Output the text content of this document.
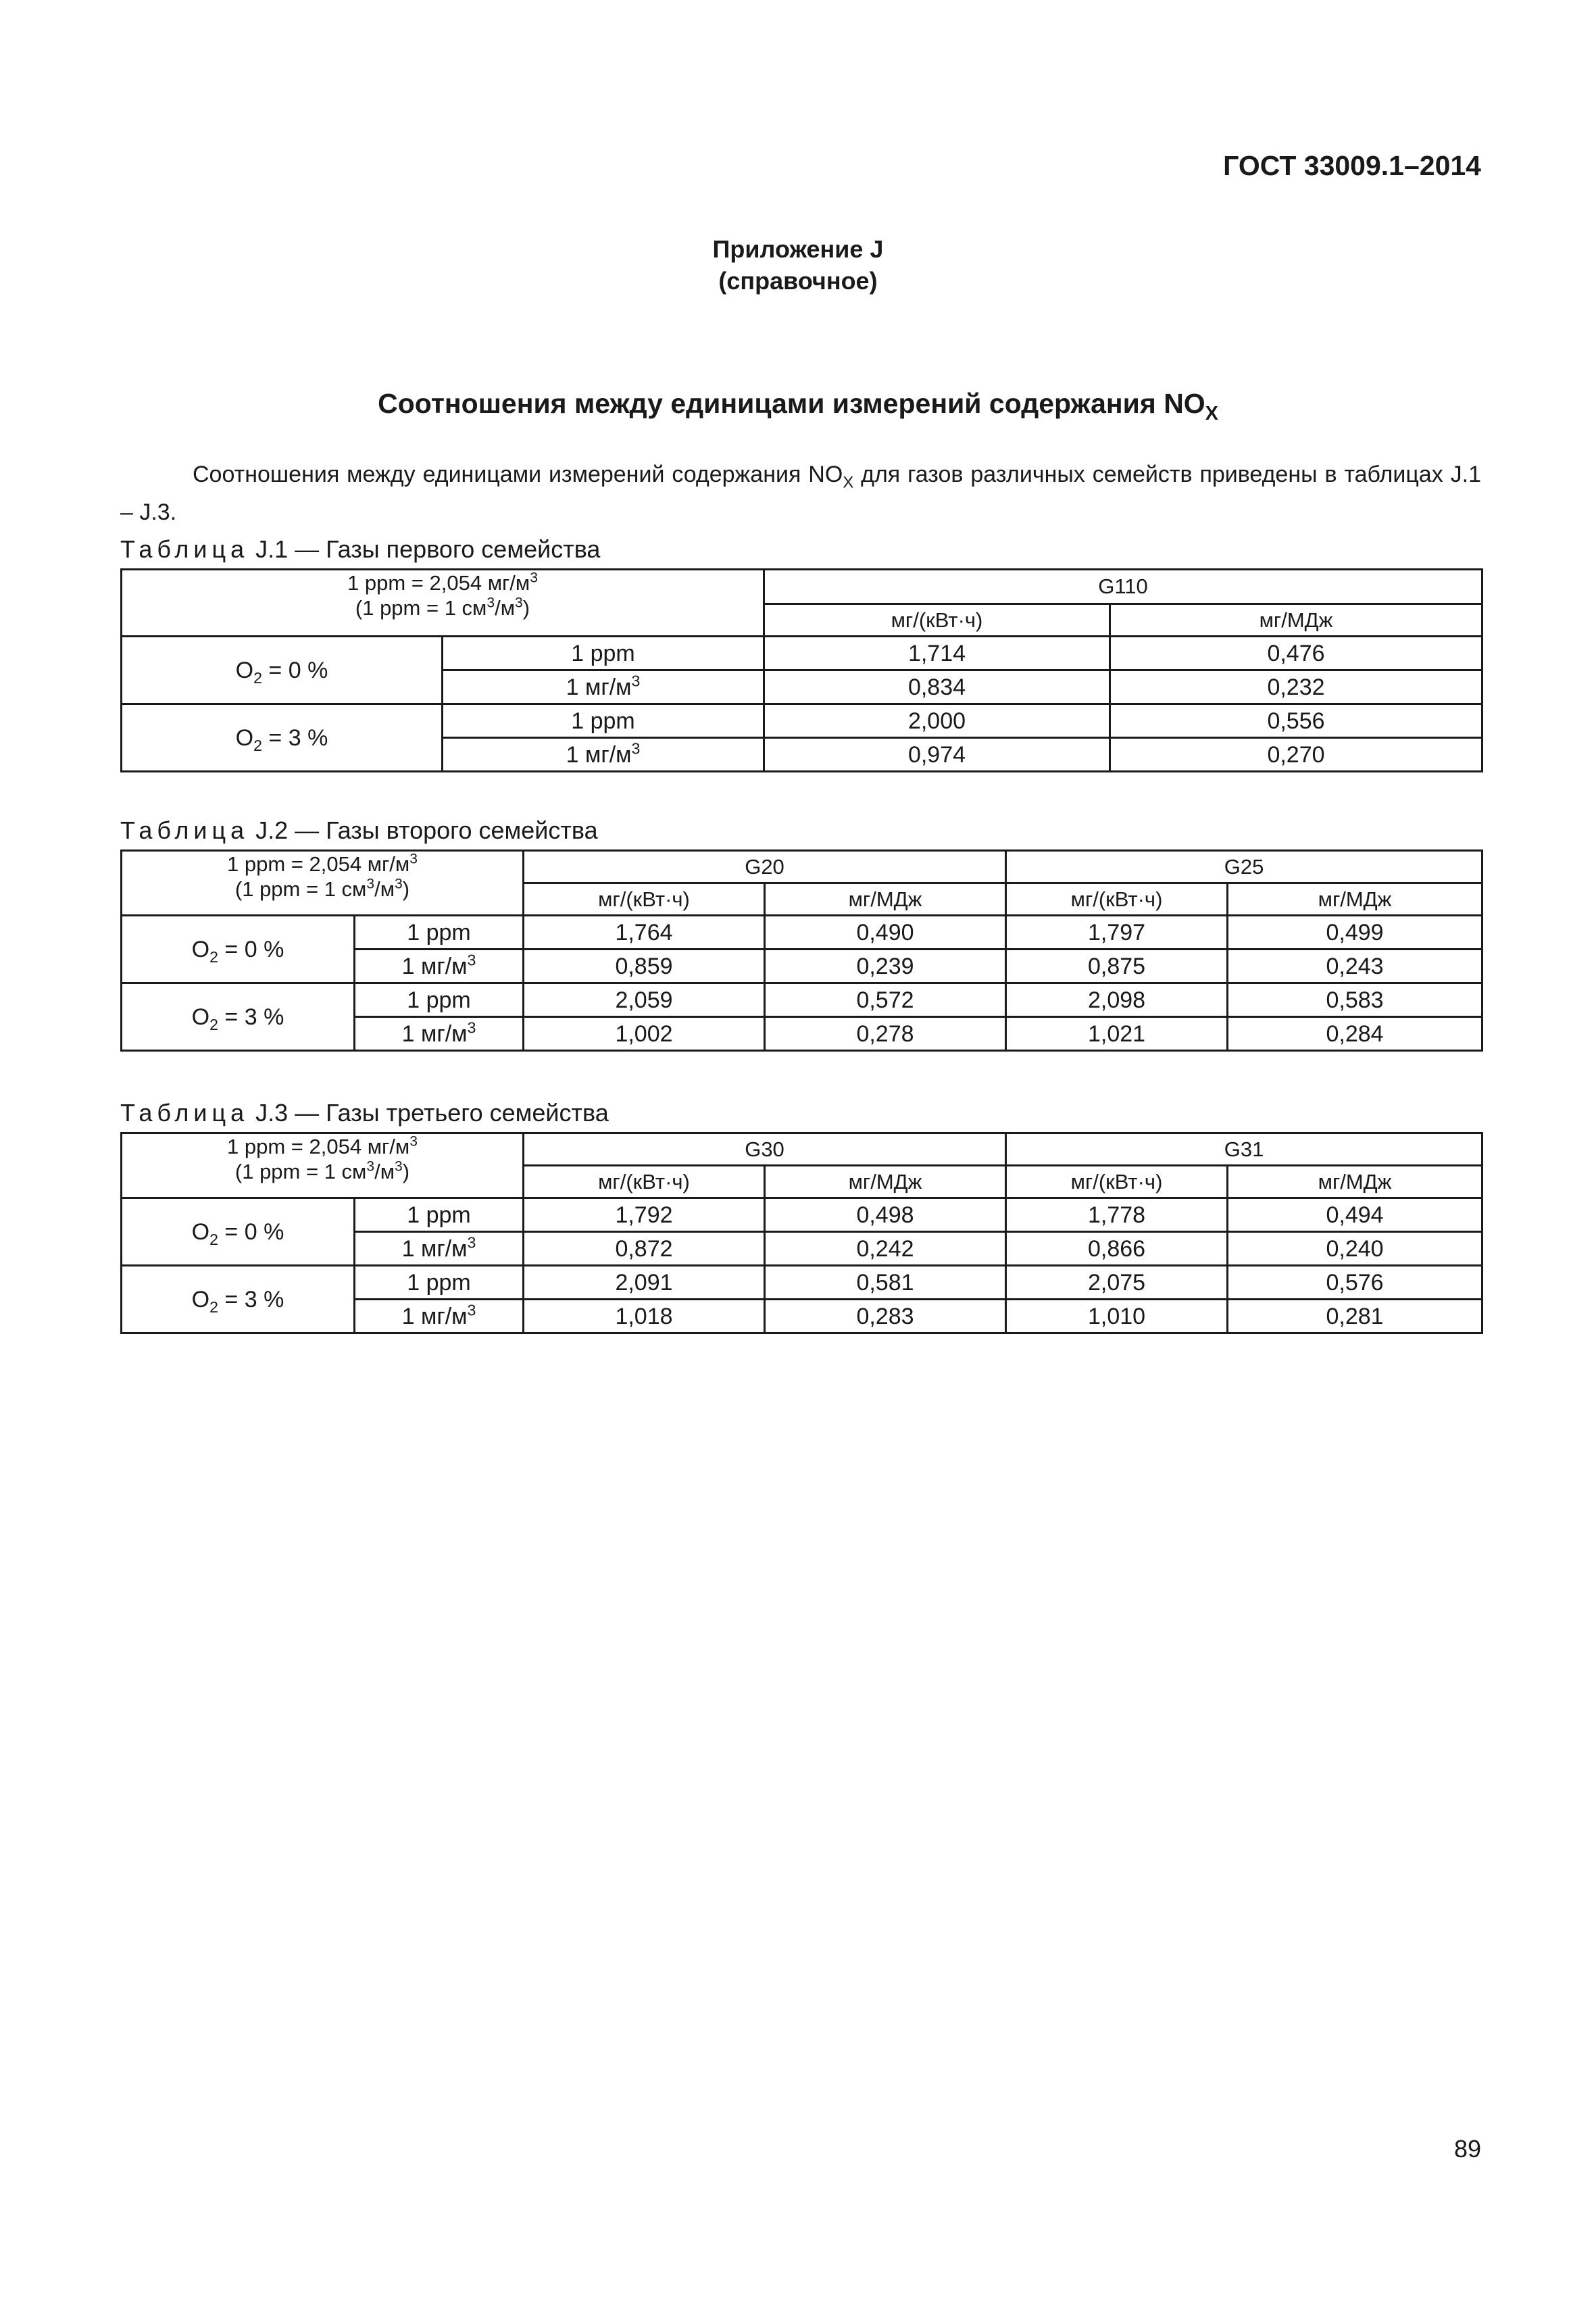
ГОСТ 33009.1–2014
Приложение J
(справочное)
Соотношения между единицами измерений содержания $NO_X$
Соотношения между единицами измерений содержания $NO_X$ для газов различных семейств приведены в таблицах J.1 – J.3.
Таблица J.1 — Газы первого семейства
1 ppm = 2,054 $мг/м^3$
(1 ppm = 1 $см^3/м^3$)		G110	
		мг/(кВт·ч)	мг/МДж
$O_2 = 0$ %	1 ppm	1,714	0,476
	1 $мг/м^3$	0,834	0,232
$O_2 = 3$ %	1 ppm	2,000	0,556
	1 $мг/м^3$	0,974	0,270
Таблица J.2 — Газы второго семейства
1 ppm = 2,054 $мг/м^3$
(1 ppm = 1 $см^3/м^3$)		G20		G25	
		мг/(кВт·ч)	мг/МДж	мг/(кВт·ч)	мг/МДж
$O_2 = 0$ %	1 ppm	1,764	0,490	1,797	0,499
	1 $мг/м^3$	0,859	0,239	0,875	0,243
$O_2 = 3$ %	1 ppm	2,059	0,572	2,098	0,583
	1 $мг/м^3$	1,002	0,278	1,021	0,284
Таблица J.3 — Газы третьего семейства
1 ppm = 2,054 $мг/м^3$
(1 ppm = 1 $см^3/м^3$)		G30		G31	
		мг/(кВт·ч)	мг/МДж	мг/(кВт·ч)	мг/МДж
$O_2 = 0$ %	1 ppm	1,792	0,498	1,778	0,494
	1 $мг/м^3$	0,872	0,242	0,866	0,240
$O_2 = 3$ %	1 ppm	2,091	0,581	2,075	0,576
	1 $мг/м^3$	1,018	0,283	1,010	0,281
89
